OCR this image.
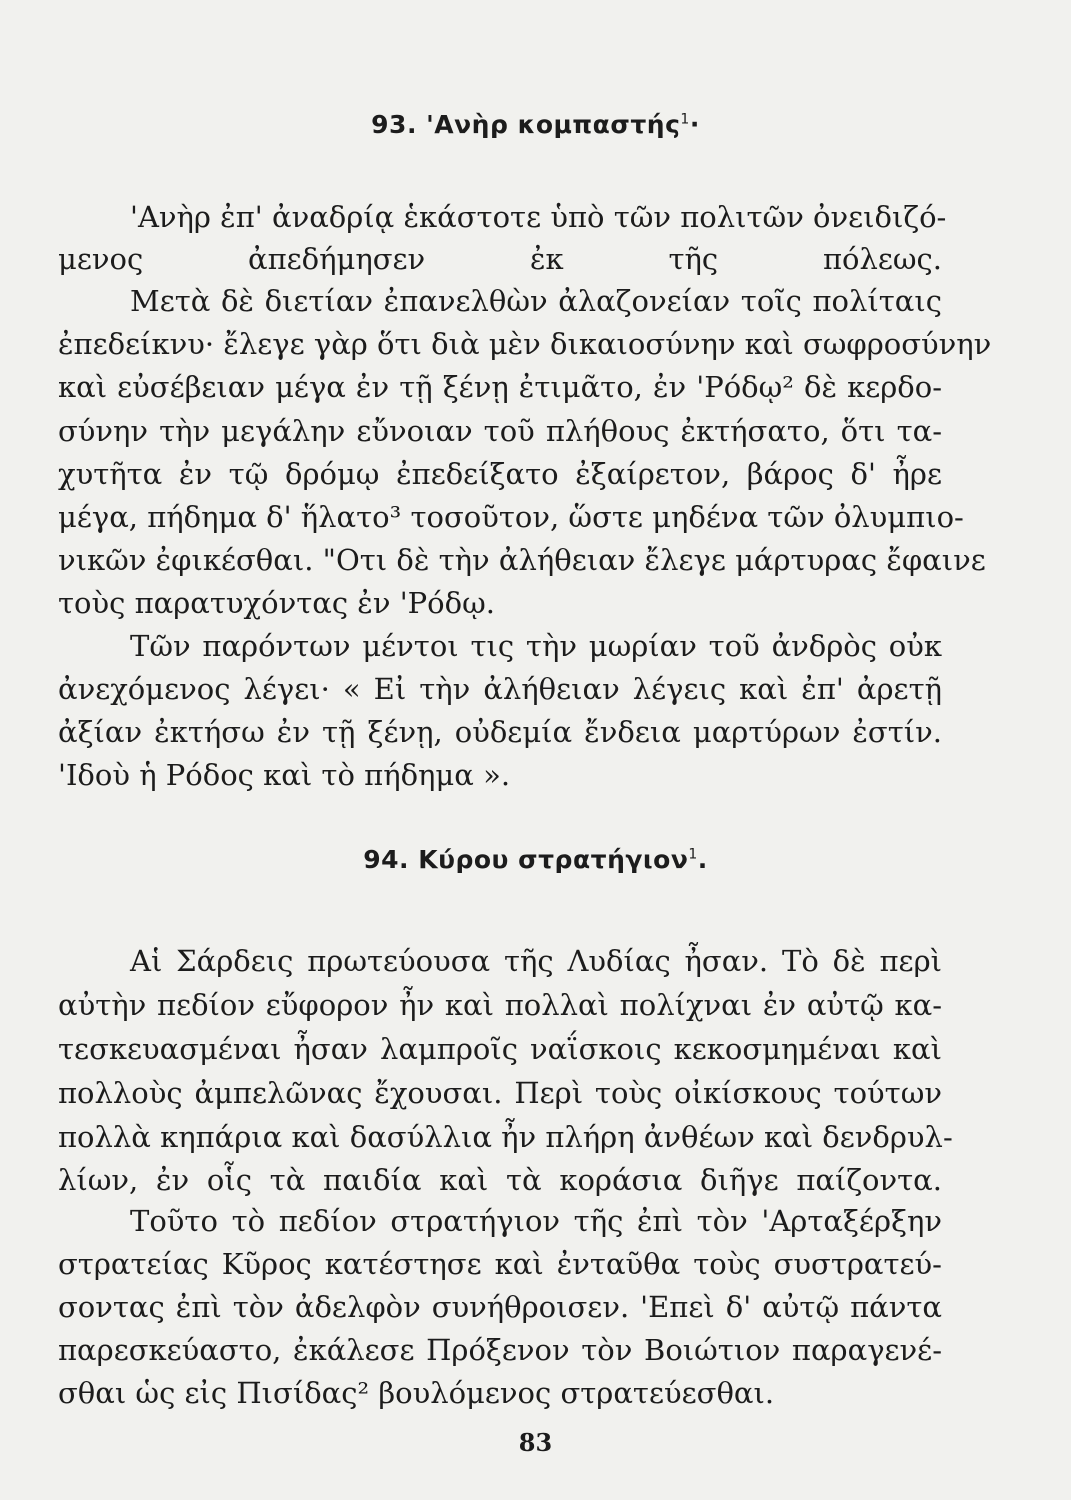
93. 'Ανὴρ κομπαστής$^1$·
'Ανὴρ ἐπ' ἀναδρίᾳ ἑκάστοτε ὑπὸ τῶν πολιτῶν ὀνειδιζό-
μενος ἀπεδήμησεν ἐκ τῆς πόλεως.
Μετὰ δὲ διετίαν ἐπανελθὼν ἀλαζονείαν τοῖς πολίταις
ἐπεδείκνυ· ἔλεγε γὰρ ὅτι διὰ μὲν δικαιοσύνην καὶ σωφροσύνην
καὶ εὐσέβειαν μέγα ἐν τῇ ξένῃ ἐτιμᾶτο, ἐν 'Ρόδῳ² δὲ κερδο-
σύνην τὴν μεγάλην εὔνοιαν τοῦ πλήθους ἐκτήσατο, ὅτι τα-
χυτῆτα ἐν τῷ δρόμῳ ἐπεδείξατο ἐξαίρετον, βάρος δ' ἦρε
μέγα, πήδημα δ' ἥλατο³ τοσοῦτον, ὥστε μηδένα τῶν ὀλυμπιο-
νικῶν ἐφικέσθαι. "Οτι δὲ τὴν ἀλήθειαν ἔλεγε μάρτυρας ἔφαινε
τοὺς παρατυχόντας ἐν 'Ρόδῳ.
Τῶν παρόντων μέντοι τις τὴν μωρίαν τοῦ ἀνδρὸς οὐκ
ἀνεχόμενος λέγει· « Εἰ τὴν ἀλήθειαν λέγεις καὶ ἐπ' ἀρετῇ
ἀξίαν ἐκτήσω ἐν τῇ ξένῃ, οὐδεμία ἔνδεια μαρτύρων ἐστίν.
'Ιδοὺ ἡ Ρόδος καὶ τὸ πήδημα ».
94. Κύρου στρατήγιον$^1$.
Αἱ Σάρδεις πρωτεύουσα τῆς Λυδίας ἦσαν. Τὸ δὲ περὶ
αὐτὴν πεδίον εὔφορον ἦν καὶ πολλαὶ πολίχναι ἐν αὐτῷ κα-
τεσκευασμέναι ἦσαν λαμπροῖς ναΐσκοις κεκοσμημέναι καὶ
πολλοὺς ἀμπελῶνας ἔχουσαι. Περὶ τοὺς οἰκίσκους τούτων
πολλὰ κηπάρια καὶ δασύλλια ἦν πλήρη ἀνθέων καὶ δενδρυλ-
λίων, ἐν οἷς τὰ παιδία καὶ τὰ κοράσια διῆγε παίζοντα.
Τοῦτο τὸ πεδίον στρατήγιον τῆς ἐπὶ τὸν 'Αρταξέρξην
στρατείας Κῦρος κατέστησε καὶ ἐνταῦθα τοὺς συστρατεύ-
σοντας ἐπὶ τὸν ἀδελφὸν συνήθροισεν. 'Επεὶ δ' αὐτῷ πάντα
παρεσκεύαστο, ἐκάλεσε Πρόξενον τὸν Βοιώτιον παραγενέ-
σθαι ὡς εἰς Πισίδας² βουλόμενος στρατεύεσθαι.
83
